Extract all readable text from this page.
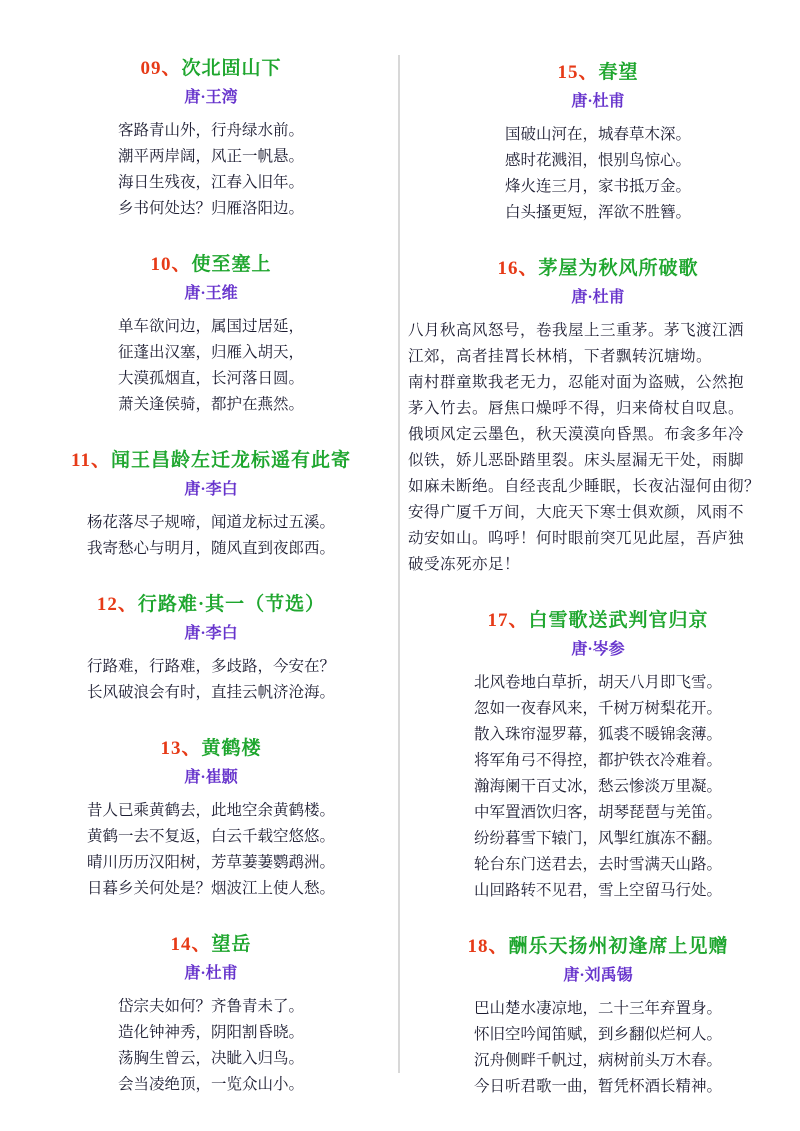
09、次北固山下
唐·王湾
客路青山外，行舟绿水前。
潮平两岸阔，风正一帆悬。
海日生残夜，江春入旧年。
乡书何处达？归雁洛阳边。
10、使至塞上
唐·王维
单车欲问边，属国过居延，
征蓬出汉塞，归雁入胡天，
大漠孤烟直，长河落日圆。
萧关逢侯骑，都护在燕然。
11、闻王昌龄左迁龙标遥有此寄
唐·李白
杨花落尽子规啼，闻道龙标过五溪。
我寄愁心与明月，随风直到夜郎西。
12、行路难·其一（节选）
唐·李白
行路难，行路难，多歧路，今安在？
长风破浪会有时，直挂云帆济沧海。
13、黄鹤楼
唐·崔颢
昔人已乘黄鹤去，此地空余黄鹤楼。
黄鹤一去不复返，白云千载空悠悠。
晴川历历汉阳树，芳草萋萋鹦鹉洲。
日暮乡关何处是？烟波江上使人愁。
14、望岳
唐·杜甫
岱宗夫如何？齐鲁青未了。
造化钟神秀，阴阳割昏晓。
荡胸生曾云，决眦入归鸟。
会当凌绝顶，一览众山小。
15、春望
唐·杜甫
国破山河在，城春草木深。
感时花溅泪，恨别鸟惊心。
烽火连三月，家书抵万金。
白头搔更短，浑欲不胜簪。
16、茅屋为秋风所破歌
唐·杜甫
八月秋高风怒号，卷我屋上三重茅。茅飞渡江洒
江郊，高者挂罥长林梢，下者飘转沉塘坳。
南村群童欺我老无力，忍能对面为盗贼，公然抱
茅入竹去。唇焦口燥呼不得，归来倚杖自叹息。
俄顷风定云墨色，秋天漠漠向昏黑。布衾多年冷
似铁，娇儿恶卧踏里裂。床头屋漏无干处，雨脚
如麻未断绝。自经丧乱少睡眠，长夜沾湿何由彻？
安得广厦千万间，大庇天下寒士俱欢颜，风雨不
动安如山。呜呼！何时眼前突兀见此屋，吾庐独
破受冻死亦足！
17、白雪歌送武判官归京
唐·岑参
北风卷地白草折，胡天八月即飞雪。
忽如一夜春风来，千树万树梨花开。
散入珠帘湿罗幕，狐裘不暖锦衾薄。
将军角弓不得控，都护铁衣冷难着。
瀚海阑干百丈冰，愁云惨淡万里凝。
中军置酒饮归客，胡琴琵琶与羌笛。
纷纷暮雪下辕门，风掣红旗冻不翻。
轮台东门送君去，去时雪满天山路。
山回路转不见君，雪上空留马行处。
18、酬乐天扬州初逢席上见赠
唐·刘禹锡
巴山楚水凄凉地，二十三年弃置身。
怀旧空吟闻笛赋，到乡翻似烂柯人。
沉舟侧畔千帆过，病树前头万木春。
今日听君歌一曲，暂凭杯酒长精神。
